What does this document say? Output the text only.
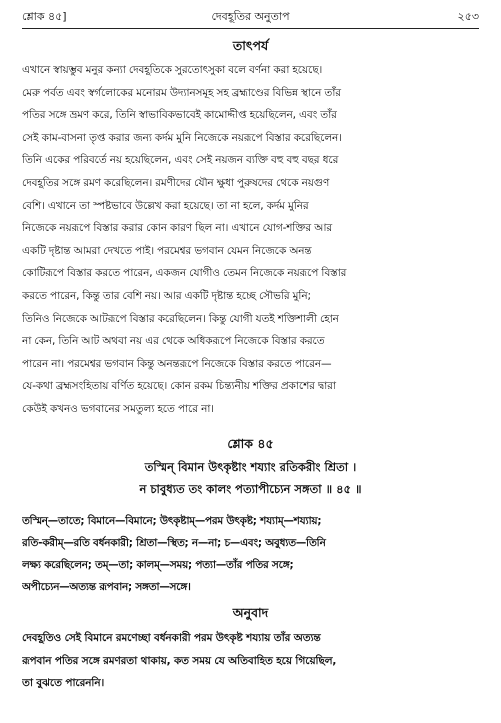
শ্লোক ৪৫]	দেবহূতির অনুতাপ	২৫৩
তাৎপর্য
এখানে স্বায়ম্ভুব মনুর কন্যা দেবহূতিকে সুরতোৎসুকা বলে বর্ণনা করা হয়েছে।
মেরু পর্বত এবং স্বর্গলোকের মনোরম উদ্যানসমূহ সহ ব্রহ্মাণ্ডের বিভিন্ন স্থানে তাঁর
পতির সঙ্গে ভ্রমণ করে, তিনি স্বাভাবিকভাবেই কামোদ্দীপ্ত হয়েছিলেন, এবং তাঁর
সেই কাম-বাসনা তৃপ্ত করার জন্য কর্দম মুনি নিজেকে নয়রূপে বিস্তার করেছিলেন।
তিনি একের পরিবর্তে নয় হয়েছিলেন, এবং সেই নয়জন ব্যক্তি বহু বহু বছর ধরে
দেবহূতির সঙ্গে রমণ করেছিলেন। রমণীদের যৌন ক্ষুধা পুরুষদের থেকে নয়গুণ
বেশি। এখানে তা স্পষ্টভাবে উল্লেখ করা হয়েছে। তা না হলে, কর্দম মুনির
নিজেকে নয়রূপে বিস্তার করার কোন কারণ ছিল না। এখানে যোগ-শক্তির আর
একটি দৃষ্টান্ত আমরা দেখতে পাই। পরমেশ্বর ভগবান যেমন নিজেকে অনন্ত
কোটিরূপে বিস্তার করতে পারেন, একজন যোগীও তেমন নিজেকে নয়রূপে বিস্তার
করতে পারেন, কিন্তু তার বেশি নয়। আর একটি দৃষ্টান্ত হচ্ছে সৌভরি মুনি;
তিনিও নিজেকে আটরূপে বিস্তার করেছিলেন। কিন্তু যোগী যতই শক্তিশালী হোন
না কেন, তিনি আট অথবা নয় এর থেকে অধিকরূপে নিজেকে বিস্তার করতে
পারেন না। পরমেশ্বর ভগবান কিন্তু অনন্তরূপে নিজেকে বিস্তার করতে পারেন—
যে-কথা ব্রহ্মসংহিতায় বর্ণিত হয়েছে। কোন রকম চিন্ত্যনীয় শক্তির প্রকাশের দ্বারা
কেউই কখনও ভগবানের সমতুল্য হতে পারে না।
শ্লোক ৪৫
তস্মিন্ বিমান উৎকৃষ্টাং শয্যাং রতিকরীং শ্রিতা ।
ন চাবুধ্যত তং কালং পত্যাপীচ্যেন সঙ্গতা ॥ ৪৫ ॥
তস্মিন্—তাতে; বিমানে—বিমানে; উৎকৃষ্টাম্—পরম উৎকৃষ্ট; শয্যাম্—শয্যায়;
রতি-করীম্—রতি বর্ধনকারী; শ্রিতা—স্থিত; ন—না; চ—এবং; অবুধ্যত—তিনি
লক্ষ্য করেছিলেন; তম্—তা; কালম্—সময়; পত্যা—তাঁর পতির সঙ্গে;
অপীচ্যেন—অত্যন্ত রূপবান; সঙ্গতা—সঙ্গে।
অনুবাদ
দেবহূতিও সেই বিমানে রমণেচ্ছা বর্ধনকারী পরম উৎকৃষ্ট শয্যায় তাঁর অত্যন্ত
রূপবান পতির সঙ্গে রমণরতা থাকায়, কত সময় যে অতিবাহিত হয়ে গিয়েছিল,
তা বুঝতে পারেননি।
